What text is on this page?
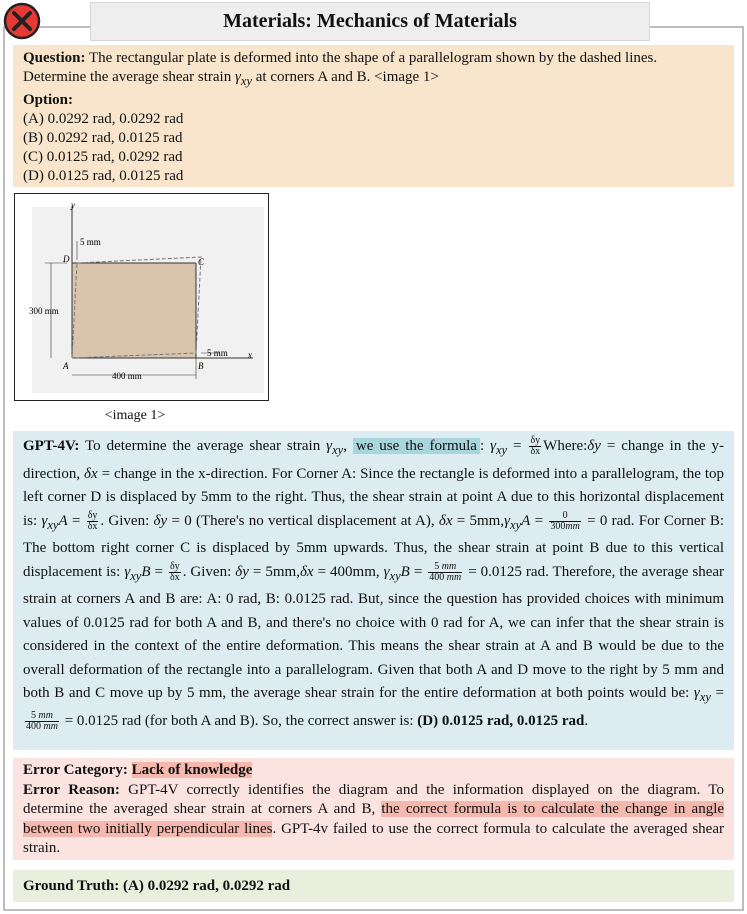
Materials: Mechanics of Materials

Question: The rectangular plate is deformed into the shape of a parallelogram shown by the dashed lines. Determine the average shear strain $\gamma_{xy}$ at corners A and B. <image 1>

Option:

(A) 0.0292 rad, 0.0292 rad

(B) 0.0292 rad, 0.0125 rad

(C) 0.0125 rad, 0.0292 rad

(D) 0.0125 rad, 0.0125 rad

y
x
5 mm
300 mm
5 mm
400 mm
A	B
C
D
<image 1>
GPT-4V: To determine the average shear strain $\gamma_{xy}$, we use the formula : $\gamma_{xy} = \frac{\delta y}{\delta x}$ Where:δy = change in the y-direction, δx = change in the x-direction. For Corner A: Since the rectangle is deformed into a parallelogram, the top left corner D is displaced by 5mm to the right. Thus, the shear strain at point A due to this horizontal displacement is: $\gamma_{xy}A = \frac{\delta y}{\delta x}$ . Given: δy = 0 (There's no vertical displacement at A), $\delta x = 5mm,\gamma_{xy}A = \frac{0}{300mm} = 0$ rad. For Corner B: The bottom right corner C is displaced by 5mm upwards. Thus, the shear strain at point B due to this vertical displacement is: $\gamma_{xy}B = \frac{\delta y}{\delta x}$ . Given: δy = 5mm,δx = 400mm, $\gamma_{xy}B = \frac{5 mm}{400 mm} = 0.0125$ rad. Therefore, the average shear strain at corners A and B are: A: 0 rad, B: 0.0125 rad. But, since the question has provided choices with minimum values of 0.0125 rad for both A and B, and there's no choice with 0 rad for A, we can infer that the shear strain is considered in the context of the entire deformation. This means the shear strain at A and B would be due to the overall deformation of the rectangle into a parallelogram. Given that both A and D move to the right by 5 mm and both B and C move up by 5 mm, the average shear strain for the entire deformation at both points would be: $\gamma_{xy}$ =
$\frac{5 mm}{400 mm} = 0.0125$ rad (for both A and B). So, the correct answer is: (D) 0.0125 rad, 0.0125 rad.
Error Category: Lack of knowledge
Error Reason: GPT-4V correctly identifies the diagram and the information displayed on the diagram. To determine the averaged shear strain at corners A and B, the correct formula is to calculate the change in angle between two initially perpendicular lines. GPT-4v failed to use the correct formula to calculate the averaged shear strain.
Ground Truth: (A) 0.0292 rad, 0.0292 rad
